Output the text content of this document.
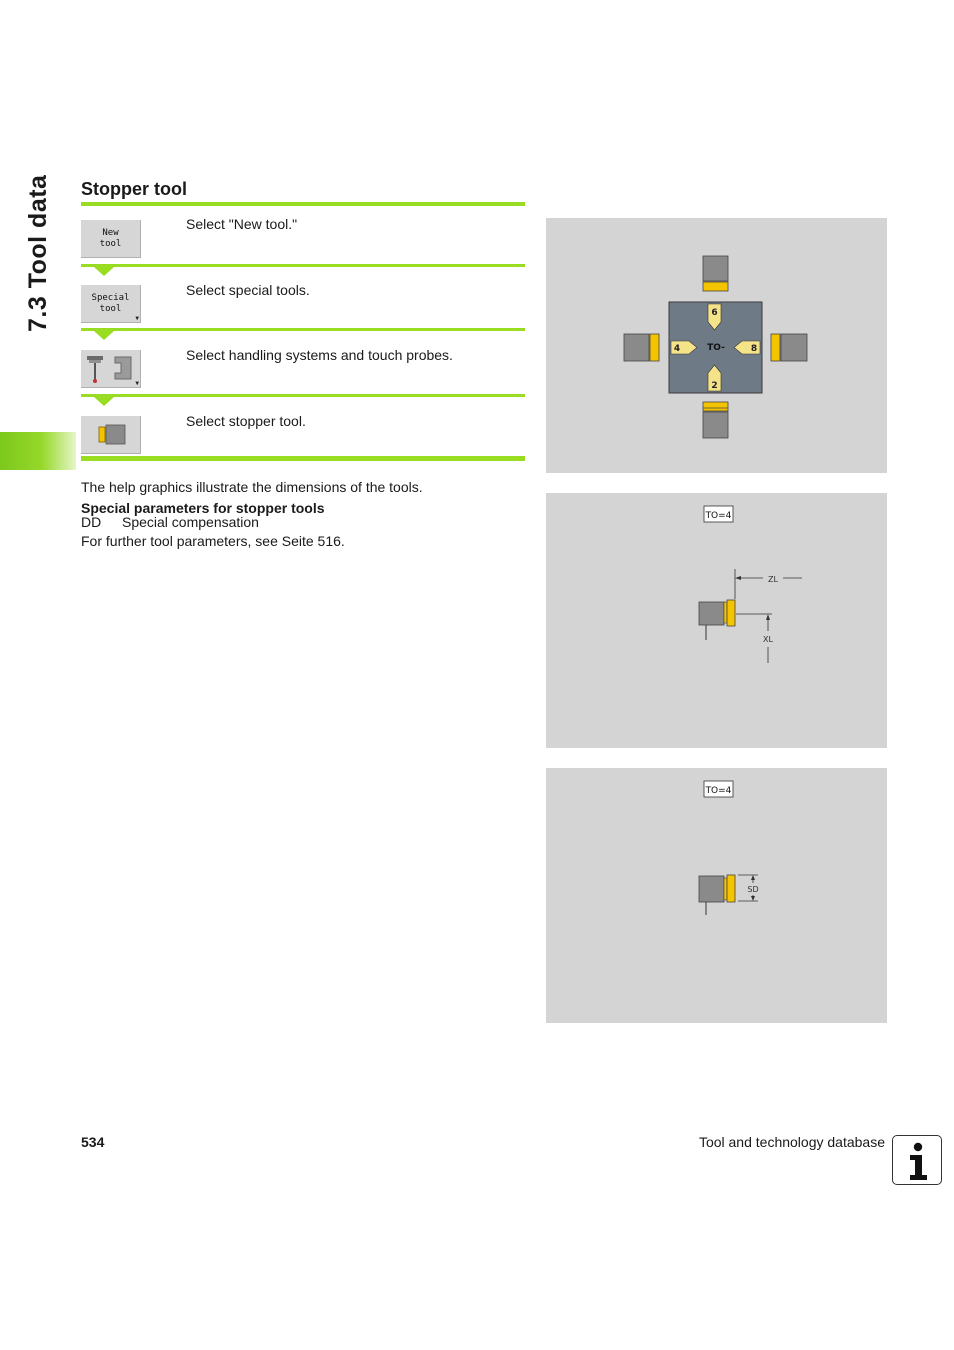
7.3 Tool data Stopper tool
New
tool
Select "New tool."
Special
tool
▼
Select special tools.
▼
Select handling systems and touch probes.
Select stopper tool.
The help graphics illustrate the dimensions of the tools.
Special parameters for stopper tools
DD Special compensation
For further tool parameters, see Seite 516.
6
4	8
2
TO-
TO=4
ZL
XL
TO=4
SD
534	Tool and technology database
